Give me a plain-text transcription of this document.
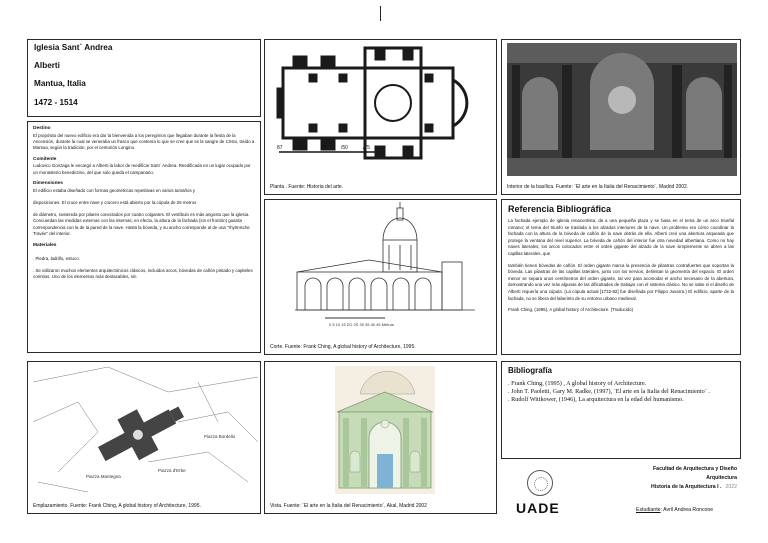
Iglesia Sant` Andrea
Alberti
Mantua, Italia
1472 - 1514
Destino

El propósito del nuevo edificio era dar la bienvenida a los peregrinos que llegaban durante la fiesta de la Ascensión, durante la cual se veneraba un frasco que contenía lo que se cree que es la sangre de Cristo, traído a Mantua, según la tradición, por el centurión Longino.

Comitente

Ludovico Gonzaga le encargó a Alberti la labor de reedificar Sant´ Andrea. Reedificada en un lugar ocupado por un monasterio benedictino, del que solo queda el campanario.

Dimensiones

El edificio estaba diseñado con formas geométricas repetitivas en varios tamaños y

disposiciones. El cruce entre nave y crucero está abierto por la cúpula de 25 metros

de diámetro, sostenida por pilares conectados por cuatro colgantes. El vestíbulo es más angosto que la iglesia. Concuerdan las medidas externas con las internas; en efecto, la altura de la fachada (sin el frontón) guarda correspondencia con la de la pared de la nave. Hasta la bóveda, y su ancho corresponde al de una "rhytmische Travée" del interior.

Materiales

. Piedra, ladrillo, estuco.

. Se utilizaron muchos elementos arquitectónicos clásicos, incluidos arcos, bóvedas de cañón pintado y capiteles corintios. Uno de los elementos más destacables, sin

87	0	25	/50	/75
Planta . Fuente: Historia del arte.	Interior de la basílica. Fuente: ¨El arte en la Italia del Renacimiento¨, Madrid 2002.
0 5 10 15 ZO 2S 30 35 40 45 Metros
Corte. Fuente: Frank Ching, A global history of Architecture, 1995.
Referencia Bibliográfica

La fachada ejemplo de iglesia renacentista, da a una pequeña plaza y se basa en el tema de un arco triunfal romano; el tema del triunfo se traslada a los alzados interiores de la nave. Un problema era cómo coordinar la fachada con la altura de la bóveda de cañón de la nave detrás de ella. Alberti creó una abertura arqueada que protege la ventana del nivel superior. La bóveda de cañón del interior fue otra novedad albertiana. Como no hay naves laterales, los arcos colocados entre el orden gigante del alzado de la nave simplemente se abren a las capillas laterales, que

también tienen bóvedas de cañón. El orden gigante marca la presencia de pilastras contrafuertes que soportan la bóveda. Las pilastras de las capillas laterales, junto con los nervios, delimitan la geometría del espacio. El orden menor se separa unos centímetros del orden gigante, tal vez para acomodar el ancho necesario de la abertura, demostrando una vez más algunas de las dificultades de trabajar con el sistema clásico. No se sabe si el diseño de Alberti requería una cúpula. (La cúpula actual [1732-82] fue diseñada por Filippo Juvarra.) El edificio, aparte de la fachada, no se libera del laberinto de su entorno urbano medieval.

Frank Ching, (1995), A global history of Architecture. (Traducido)

Piazza Bordello
Piazza Mantegna
Piazza d'Erbe
Emplazamiento. Fuente: Frank Ching, A global history of Architecture, 1995.	Vista. Fuente: ¨El arte en la Italia del Renacimiento¨, Akal, Madrid 2002
Bibliografía
. Frank Ching, (1995) , A global history of Architecture.
. John T. Paoletti, Gary M. Radke, (1997), ¨El arte en la Italia del Renacimiento¨ .
. Rudolf Wittkower, (1946), La arquitectura en la edad del humanismo.
UADE
Facultad de Arquitectura y Diseño
Arquitectura
Historia de la Arquitectura I . 2022
Estudiante: Avril Andrea Roncone
